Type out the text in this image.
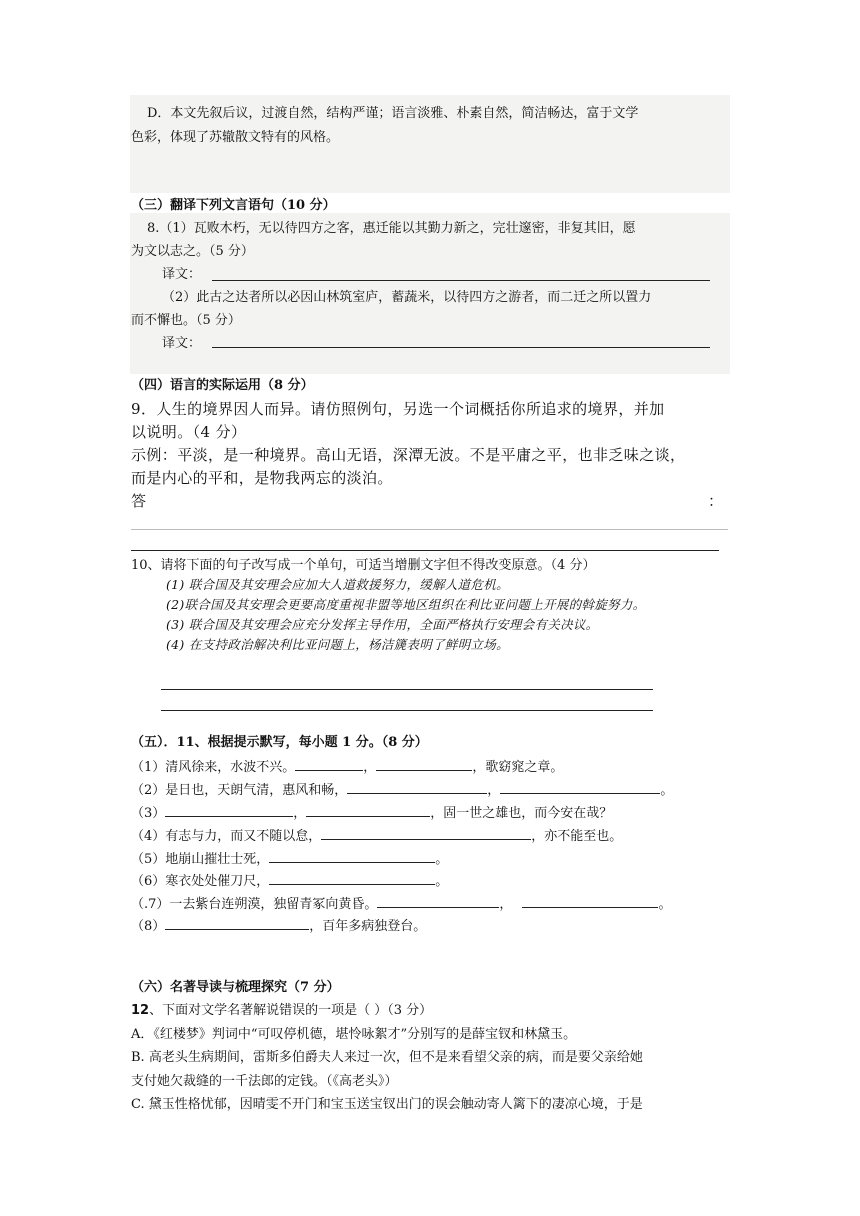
D．本文先叙后议，过渡自然，结构严谨；语言淡雅、朴素自然，简洁畅达，富于文学
色彩，体现了苏辙散文特有的风格。
（三）翻译下列文言语句（10 分）
8.（1）瓦败木朽，无以待四方之客，惠迁能以其勤力新之，完壮邃密，非复其旧，愿
为文以志之。（5 分）
译文：
（2）此古之达者所以必因山林筑室庐，蓄蔬米，以待四方之游者，而二迁之所以置力
而不懈也。（5 分）
译文：
（四）语言的实际运用（8 分）
9．人生的境界因人而异。请仿照例句，另选一个词概括你所追求的境界，并加
以说明。（4 分）
示例：平淡，是一种境界。高山无语，深潭无波。不是平庸之平，也非乏味之谈，
而是内心的平和，是物我两忘的淡泊。
答	：
10、请将下面的句子改写成一个单句，可适当增删文字但不得改变原意。（4 分）
(1) 联合国及其安理会应加大人道救援努力，缓解人道危机。
(2)联合国及其安理会更要高度重视非盟等地区组织在利比亚问题上开展的斡旋努力。
(3) 联合国及其安理会应充分发挥主导作用，全面严格执行安理会有关决议。
(4) 在支持政治解决利比亚问题上，杨洁篪表明了鲜明立场。
（五）．11、根据提示默写，每小题 1 分。（8 分）
（1）清风徐来，水波不兴。	，	，歌窈窕之章。
（2）是日也，天朗气清，惠风和畅，	，	。
（3）	，	，固一世之雄也，而今安在哉？
（4）有志与力，而又不随以怠，	，亦不能至也。
（5）地崩山摧壮士死，	。
（6）寒衣处处催刀尺，	。
（.7）一去紫台连朔漠，独留青冢向黄昏。	，	。
（8）	，百年多病独登台。
（六）名著导读与梳理探究（7 分）
12、下面对文学名著解说错误的一项是（ ）（3 分）
A．《红楼梦》判词中“可叹停机德，堪怜咏絮才”分别写的是薛宝钗和林黛玉。
B. 高老头生病期间，雷斯多伯爵夫人来过一次，但不是来看望父亲的病，而是要父亲给她
支付她欠裁缝的一千法郎的定钱。（《高老头》）
C. 黛玉性格忧郁，因晴雯不开门和宝玉送宝钗出门的误会触动寄人篱下的凄凉心境，于是
